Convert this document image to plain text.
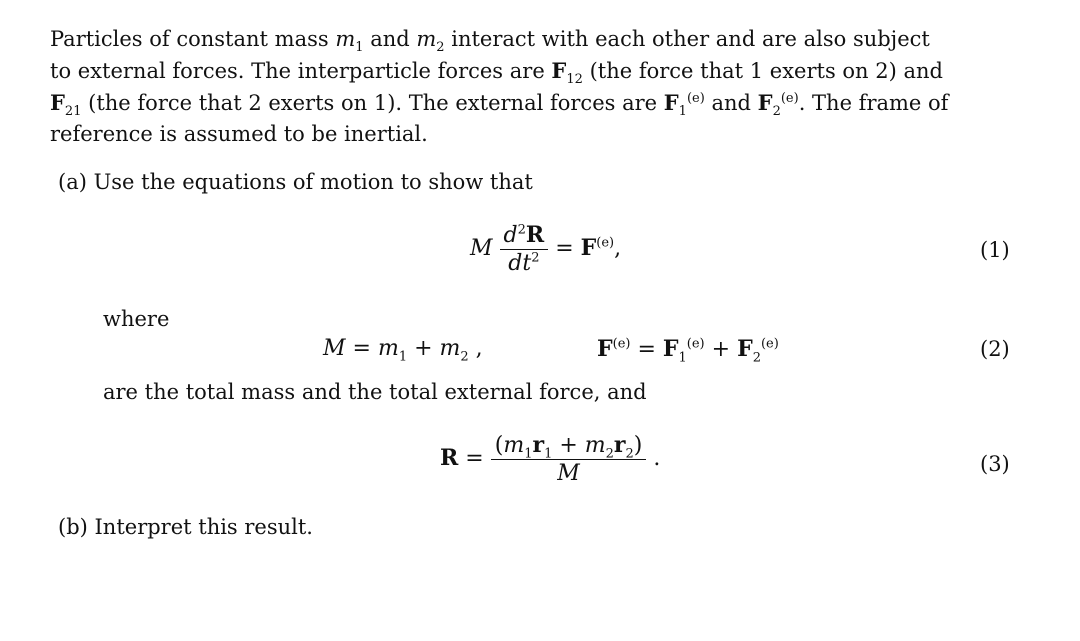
Particles of constant mass $m_1$ and $m_2$ interact with each other and are also subject
to external forces. The interparticle forces are $F_{12}$ (the force that 1 exerts on 2) and
$F_{21}$ (the force that 2 exerts on 1). The external forces are $F_1^{(e)}$ and $F_2^{(e)}$. The frame of
reference is assumed to be inertial.
(a) Use the equations of motion to show that
M $\frac{d^2R}{dt^2} = F^{(e)}$,	(1)
where
$M = m_1 + m_2$ ,	$F^{(e)} = F_1^{(e)} + F_2^{(e)}$	(2)
are the total mass and the total external force, and
$R = \frac{(m_1r_1 + m_2r_2)}{M}$ .	(3)
(b) Interpret this result.
